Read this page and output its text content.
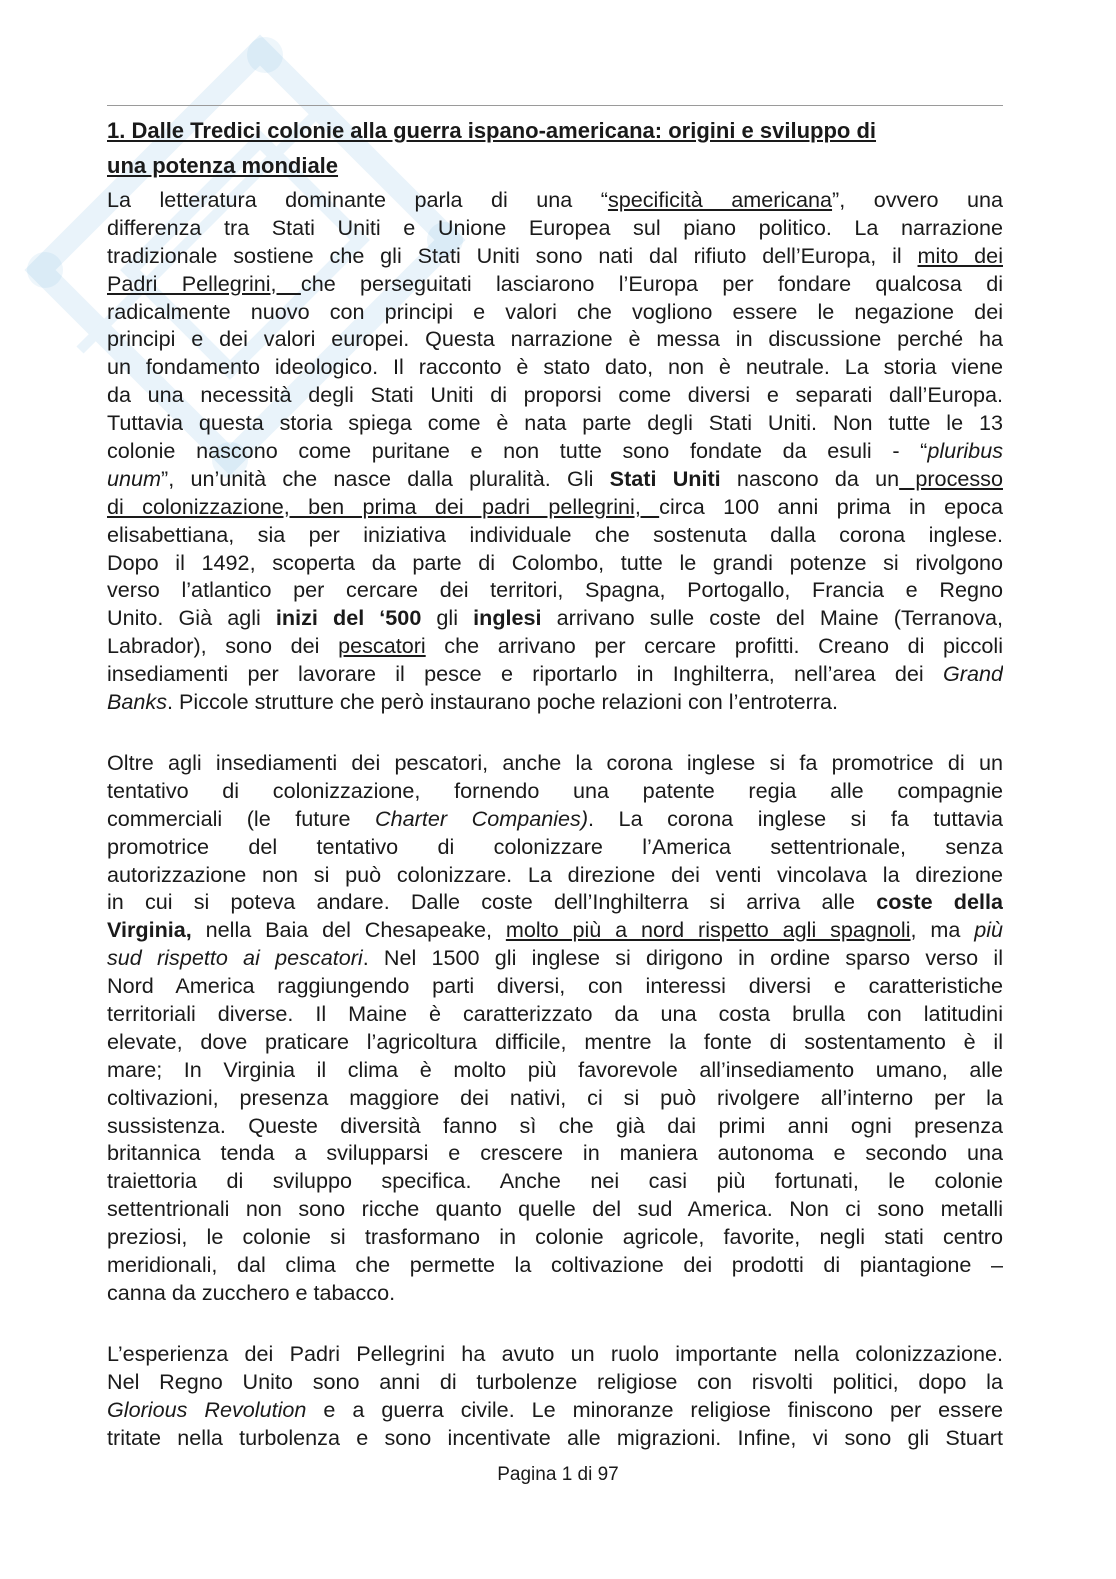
1. Dalle Tredici colonie alla guerra ispano-americana: origini e sviluppo di
una potenza mondiale
La letteratura dominante parla di una “specificità americana”, ovvero una
differenza tra Stati Uniti e Unione Europea sul piano politico. La narrazione
tradizionale sostiene che gli Stati Uniti sono nati dal rifiuto dell’Europa, il mito dei
Padri Pellegrini, che perseguitati lasciarono l’Europa per fondare qualcosa di
radicalmente nuovo con principi e valori che vogliono essere le negazione dei
principi e dei valori europei. Questa narrazione è messa in discussione perché ha
un fondamento ideologico. Il racconto è stato dato, non è neutrale. La storia viene
da una necessità degli Stati Uniti di proporsi come diversi e separati dall’Europa.
Tuttavia questa storia spiega come è nata parte degli Stati Uniti. Non tutte le 13
colonie nascono come puritane e non tutte sono fondate da esuli - “pluribus
unum”, un’unità che nasce dalla pluralità. Gli Stati Uniti nascono da un processo
di colonizzazione, ben prima dei padri pellegrini, circa 100 anni prima in epoca
elisabettiana, sia per iniziativa individuale che sostenuta dalla corona inglese.
Dopo il 1492, scoperta da parte di Colombo, tutte le grandi potenze si rivolgono
verso l’atlantico per cercare dei territori, Spagna, Portogallo, Francia e Regno
Unito. Già agli inizi del ‘500 gli inglesi arrivano sulle coste del Maine (Terranova,
Labrador), sono dei pescatori che arrivano per cercare profitti. Creano di piccoli
insediamenti per lavorare il pesce e riportarlo in Inghilterra, nell’area dei Grand
Banks. Piccole strutture che però instaurano poche relazioni con l’entroterra.
Oltre agli insediamenti dei pescatori, anche la corona inglese si fa promotrice di un
tentativo di colonizzazione, fornendo una patente regia alle compagnie
commerciali (le future Charter Companies). La corona inglese si fa tuttavia
promotrice del tentativo di colonizzare l’America settentrionale, senza
autorizzazione non si può colonizzare. La direzione dei venti vincolava la direzione
in cui si poteva andare. Dalle coste dell’Inghilterra si arriva alle coste della
Virginia, nella Baia del Chesapeake, molto più a nord rispetto agli spagnoli, ma più
sud rispetto ai pescatori. Nel 1500 gli inglese si dirigono in ordine sparso verso il
Nord America raggiungendo parti diversi, con interessi diversi e caratteristiche
territoriali diverse. Il Maine è caratterizzato da una costa brulla con latitudini
elevate, dove praticare l’agricoltura difficile, mentre la fonte di sostentamento è il
mare; In Virginia il clima è molto più favorevole all’insediamento umano, alle
coltivazioni, presenza maggiore dei nativi, ci si può rivolgere all’interno per la
sussistenza. Queste diversità fanno sì che già dai primi anni ogni presenza
britannica tenda a svilupparsi e crescere in maniera autonoma e secondo una
traiettoria di sviluppo specifica. Anche nei casi più fortunati, le colonie
settentrionali non sono ricche quanto quelle del sud America. Non ci sono metalli
preziosi, le colonie si trasformano in colonie agricole, favorite, negli stati centro
meridionali, dal clima che permette la coltivazione dei prodotti di piantagione –
canna da zucchero e tabacco.
L’esperienza dei Padri Pellegrini ha avuto un ruolo importante nella colonizzazione.
Nel Regno Unito sono anni di turbolenze religiose con risvolti politici, dopo la
Glorious Revolution e a guerra civile. Le minoranze religiose finiscono per essere
tritate nella turbolenza e sono incentivate alle migrazioni. Infine, vi sono gli Stuart
Pagina 1 di 97
